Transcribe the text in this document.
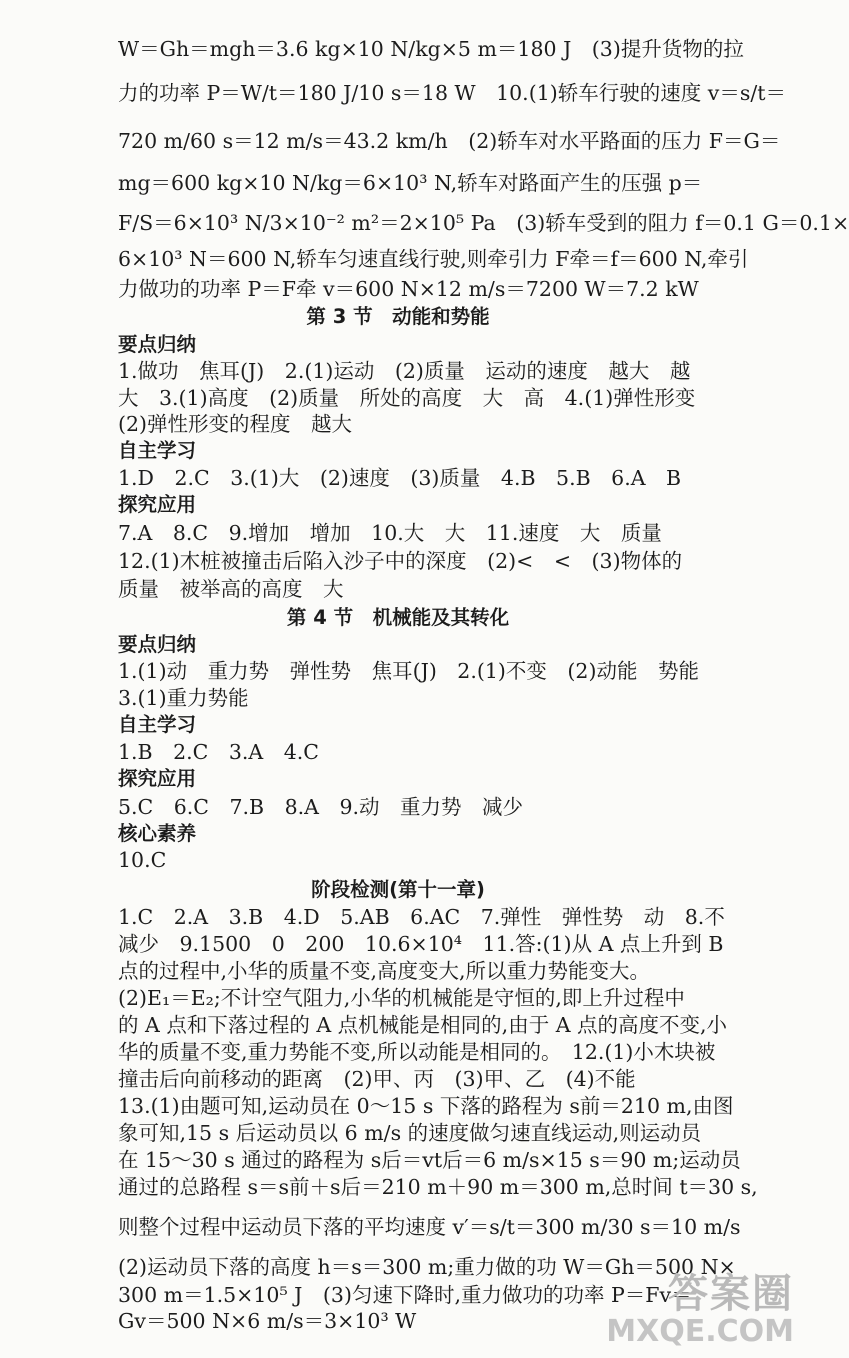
W＝Gh＝mgh＝3.6 kg×10 N/kg×5 m＝180 J　(3)提升货物的拉
力的功率 P＝W/t＝180 J/10 s＝18 W　10.(1)轿车行驶的速度 v＝s/t＝
720 m/60 s＝12 m/s＝43.2 km/h　(2)轿车对水平路面的压力 F＝G＝
mg＝600 kg×10 N/kg＝6×10³ N,轿车对路面产生的压强 p＝
F/S＝6×10³ N/3×10⁻² m²＝2×10⁵ Pa　(3)轿车受到的阻力 f＝0.1 G＝0.1×
6×10³ N＝600 N,轿车匀速直线行驶,则牵引力 F牵＝f＝600 N,牵引
力做功的功率 P＝F牵 v＝600 N×12 m/s＝7200 W＝7.2 kW
第 3 节　动能和势能
要点归纳
1.做功　焦耳(J)　2.(1)运动　(2)质量　运动的速度　越大　越
大　3.(1)高度　(2)质量　所处的高度　大　高　4.(1)弹性形变
(2)弹性形变的程度　越大
自主学习
1.D　2.C　3.(1)大　(2)速度　(3)质量　4.B　5.B　6.A　B
探究应用
7.A　8.C　9.增加　增加　10.大　大　11.速度　大　质量
12.(1)木桩被撞击后陷入沙子中的深度　(2)<　<　(3)物体的
质量　被举高的高度　大
第 4 节　机械能及其转化
要点归纳
1.(1)动　重力势　弹性势　焦耳(J)　2.(1)不变　(2)动能　势能
3.(1)重力势能
自主学习
1.B　2.C　3.A　4.C
探究应用
5.C　6.C　7.B　8.A　9.动　重力势　减少
核心素养
10.C
阶段检测(第十一章)
1.C　2.A　3.B　4.D　5.AB　6.AC　7.弹性　弹性势　动　8.不
减少　9.1500　0　200　10.6×10⁴　11.答:(1)从 A 点上升到 B
点的过程中,小华的质量不变,高度变大,所以重力势能变大。
(2)E₁＝E₂;不计空气阻力,小华的机械能是守恒的,即上升过程中
的 A 点和下落过程的 A 点机械能是相同的,由于 A 点的高度不变,小
华的质量不变,重力势能不变,所以动能是相同的。　12.(1)小木块被
撞击后向前移动的距离　(2)甲、丙　(3)甲、乙　(4)不能
13.(1)由题可知,运动员在 0～15 s 下落的路程为 s前＝210 m,由图
象可知,15 s 后运动员以 6 m/s 的速度做匀速直线运动,则运动员
在 15～30 s 通过的路程为 s后＝vt后＝6 m/s×15 s＝90 m;运动员
通过的总路程 s＝s前＋s后＝210 m＋90 m＝300 m,总时间 t＝30 s,
则整个过程中运动员下落的平均速度 v′＝s/t＝300 m/30 s＝10 m/s
(2)运动员下落的高度 h＝s＝300 m;重力做的功 W＝Gh＝500 N×
300 m＝1.5×10⁵ J　(3)匀速下降时,重力做功的功率 P＝Fv＝
Gv＝500 N×6 m/s＝3×10³ W
答案圈
MXQE.COM
